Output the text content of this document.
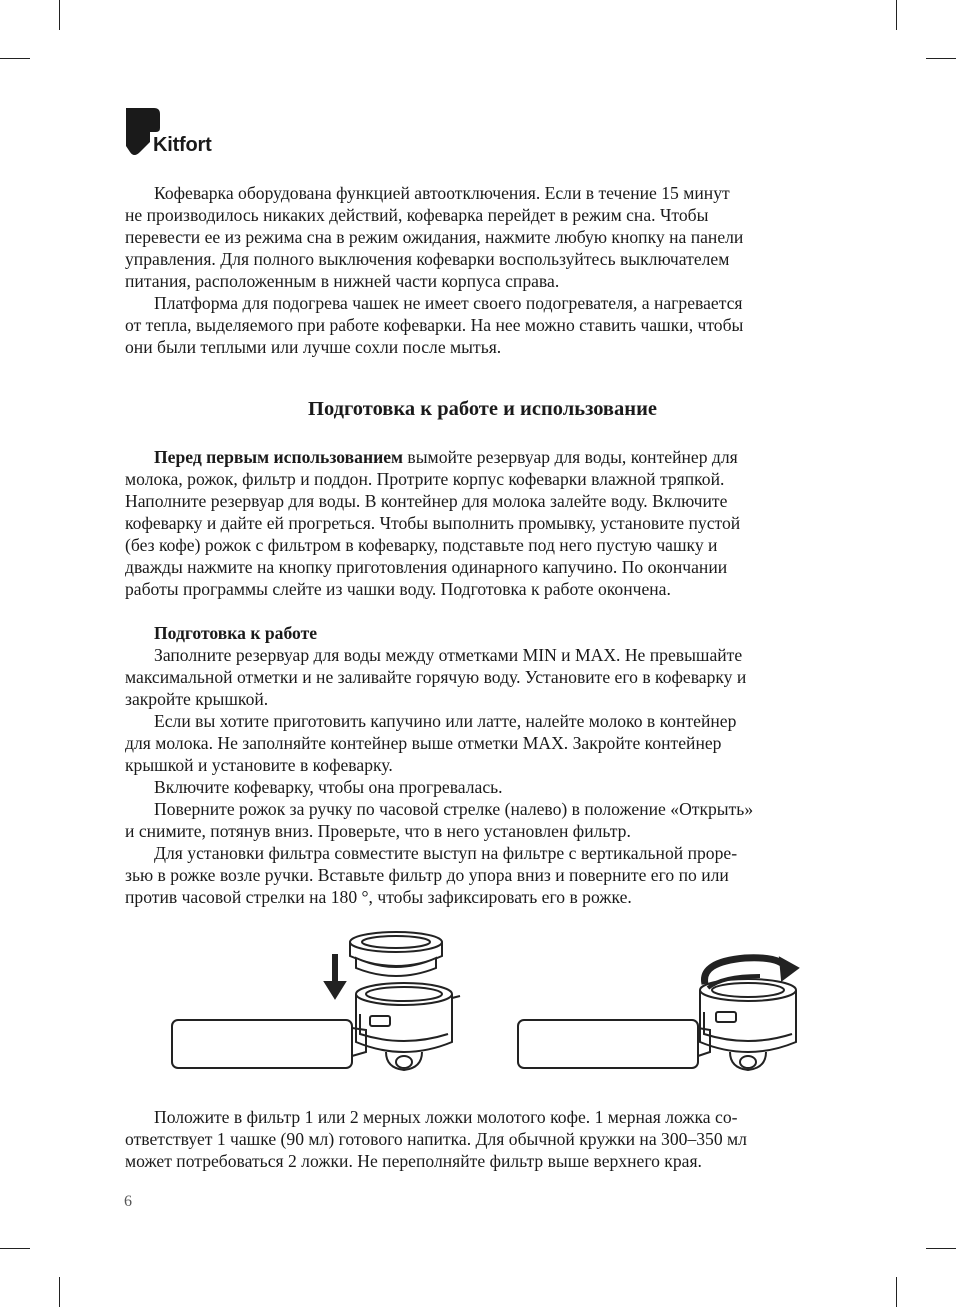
Kitfort
Кофеварка оборудована функцией автоотключения. Если в течение 15 минут
не производилось никаких действий, кофеварка перейдет в режим сна. Чтобы
перевести ее из режима сна в режим ожидания, нажмите любую кнопку на панели
управления. Для полного выключения кофеварки воспользуйтесь выключателем
питания, расположенным в нижней части корпуса справа.
Платформа для подогрева чашек не имеет своего подогревателя, а нагревается
от тепла, выделяемого при работе кофеварки. На нее можно ставить чашки, чтобы
они были теплыми или лучше сохли после мытья.
Подготовка к работе и использование
Перед первым использованием вымойте резервуар для воды, контейнер для
молока, рожок, фильтр и поддон. Протрите корпус кофеварки влажной тряпкой.
Наполните резервуар для воды. В контейнер для молока залейте воду. Включите
кофеварку и дайте ей прогреться. Чтобы выполнить промывку, установите пустой
(без кофе) рожок с фильтром в кофеварку, подставьте под него пустую чашку и
дважды нажмите на кнопку приготовления одинарного капучино. По окончании
работы программы слейте из чашки воду. Подготовка к работе окончена.
Подготовка к работе
Заполните резервуар для воды между отметками MIN и MAX. Не превышайте
максимальной отметки и не заливайте горячую воду. Установите его в кофеварку и
закройте крышкой.
Если вы хотите приготовить капучино или латте, налейте молоко в контейнер
для молока. Не заполняйте контейнер выше отметки MAX. Закройте контейнер
крышкой и установите в кофеварку.
Включите кофеварку, чтобы она прогревалась.
Поверните рожок за ручку по часовой стрелке (налево) в положение «Открыть»
и снимите, потянув вниз. Проверьте, что в него установлен фильтр.
Для установки фильтра совместите выступ на фильтре с вертикальной проре-
зью в рожке возле ручки. Вставьте фильтр до упора вниз и поверните его по или
против часовой стрелки на 180 °, чтобы зафиксировать его в рожке.
Положите в фильтр 1 или 2 мерных ложки молотого кофе. 1 мерная ложка со-
ответствует 1 чашке (90 мл) готового напитка. Для обычной кружки на 300–350 мл
может потребоваться 2 ложки. Не переполняйте фильтр выше верхнего края.
6
